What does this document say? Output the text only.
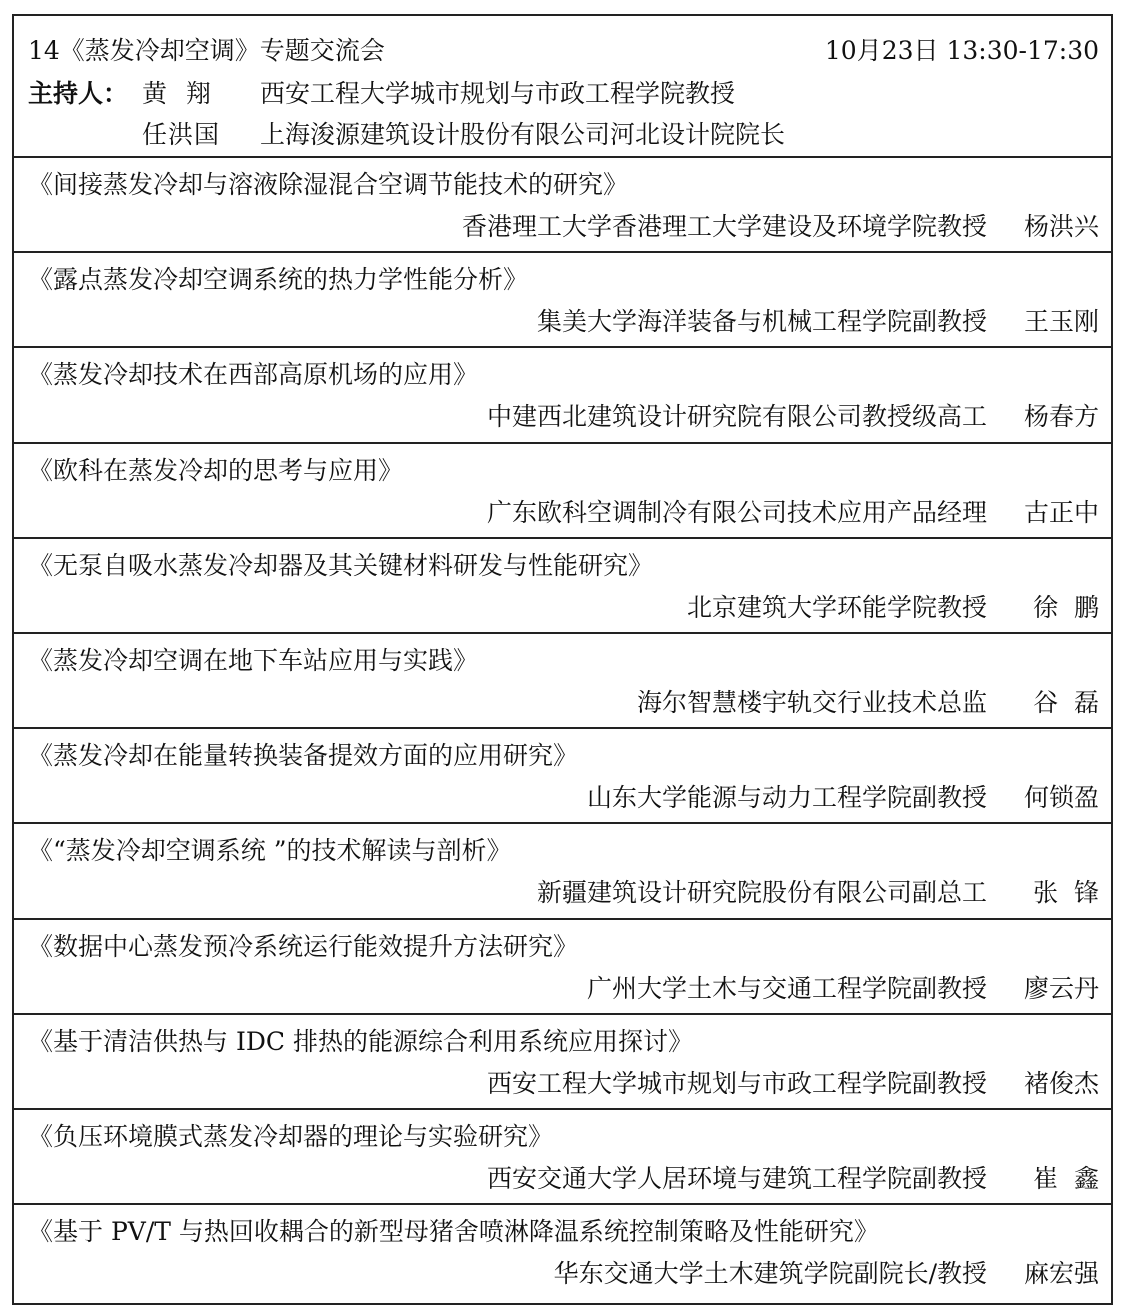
14《蒸发冷却空调》专题交流会	10月23日 13:30-17:30
主持人： 黄  翔 西安工程大学城市规划与市政工程学院教授
任洪国 上海浚源建筑设计股份有限公司河北设计院院长
《间接蒸发冷却与溶液除湿混合空调节能技术的研究》
香港理工大学香港理工大学建设及环境学院教授 杨洪兴
《露点蒸发冷却空调系统的热力学性能分析》
集美大学海洋装备与机械工程学院副教授 王玉刚
《蒸发冷却技术在西部高原机场的应用》
中建西北建筑设计研究院有限公司教授级高工 杨春方
《欧科在蒸发冷却的思考与应用》
广东欧科空调制冷有限公司技术应用产品经理 古正中
《无泵自吸水蒸发冷却器及其关键材料研发与性能研究》
北京建筑大学环能学院教授 徐  鹏
《蒸发冷却空调在地下车站应用与实践》
海尔智慧楼宇轨交行业技术总监 谷  磊
《蒸发冷却在能量转换装备提效方面的应用研究》
山东大学能源与动力工程学院副教授 何锁盈
《“蒸发冷却空调系统 ”的技术解读与剖析》
新疆建筑设计研究院股份有限公司副总工 张  锋
《数据中心蒸发预冷系统运行能效提升方法研究》
广州大学土木与交通工程学院副教授 廖云丹
《基于清洁供热与 IDC 排热的能源综合利用系统应用探讨》
西安工程大学城市规划与市政工程学院副教授 褚俊杰
《负压环境膜式蒸发冷却器的理论与实验研究》
西安交通大学人居环境与建筑工程学院副教授 崔  鑫
《基于 PV/T 与热回收耦合的新型母猪舍喷淋降温系统控制策略及性能研究》
华东交通大学土木建筑学院副院长/教授 麻宏强
